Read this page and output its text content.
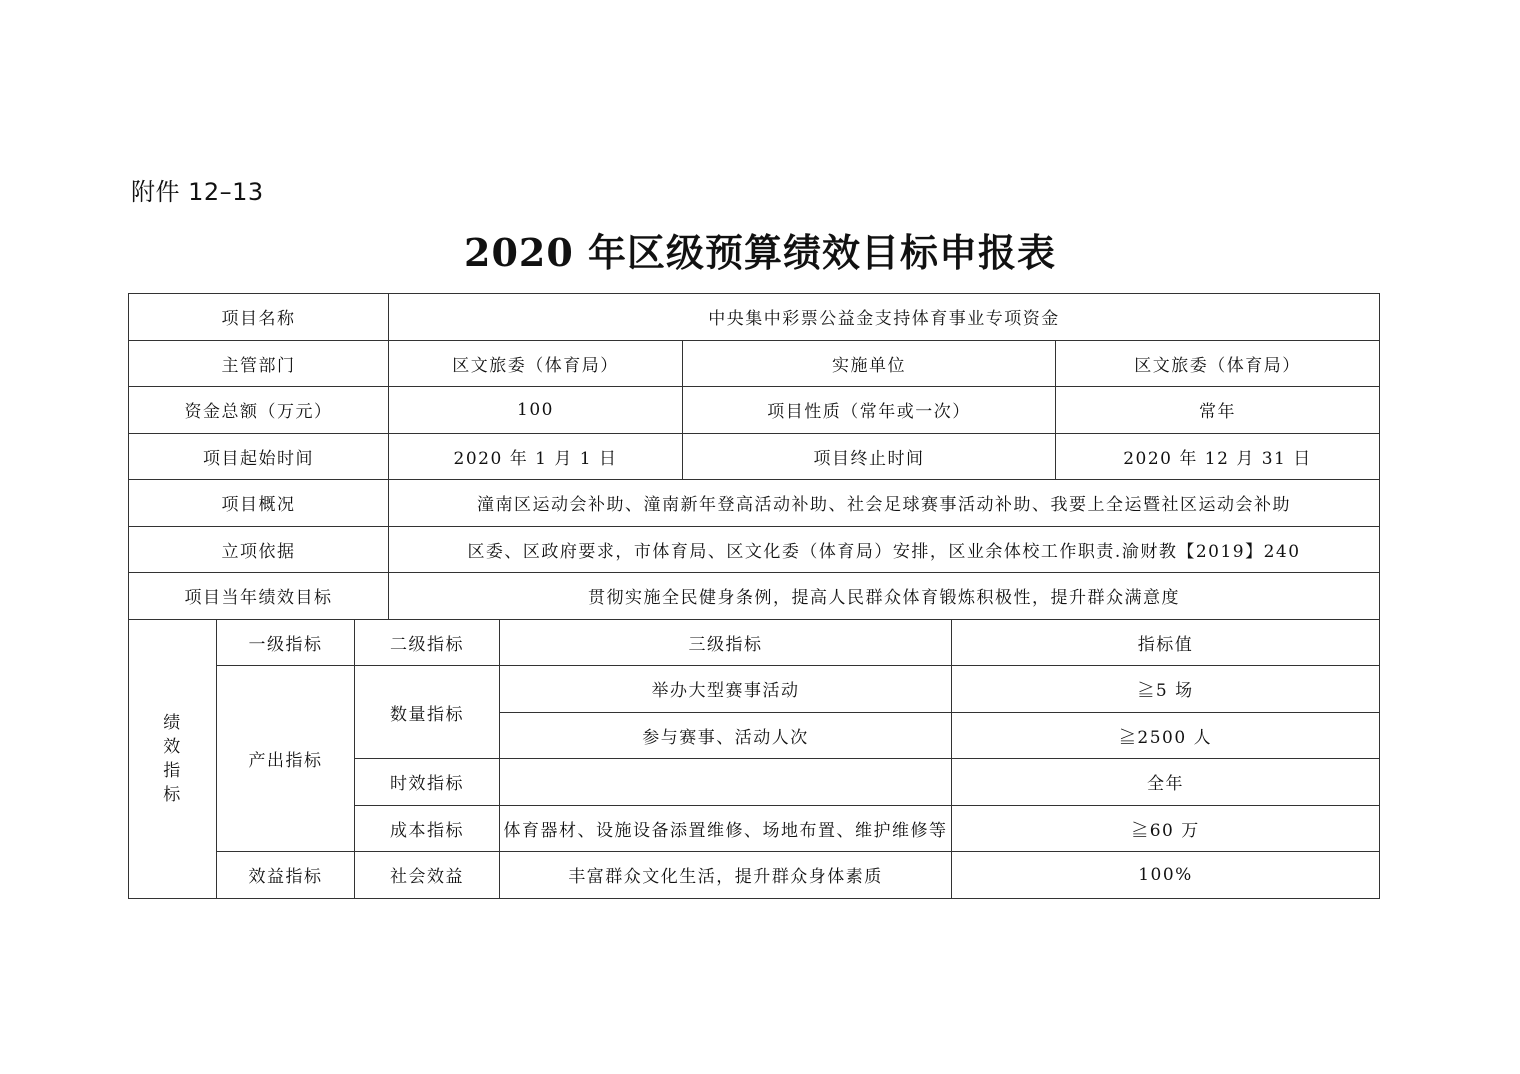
附件 12–13
2020 年区级预算绩效目标申报表
项目名称			中央集中彩票公益金支持体育事业专项资金				
主管部门			区文旅委（体育局）		实施单位		区文旅委（体育局）
资金总额（万元）			100		项目性质（常年或一次）		常年
项目起始时间			2020 年 1 月 1 日		项目终止时间		2020 年 12 月 31 日
项目概况			潼南区运动会补助、潼南新年登高活动补助、社会足球赛事活动补助、我要上全运暨社区运动会补助				
立项依据			区委、区政府要求，市体育局、区文化委（体育局）安排，区业余体校工作职责.渝财教【2019】240				
项目当年绩效目标			贯彻实施全民健身条例，提高人民群众体育锻炼积极性，提升群众满意度				

绩
效
指
标	一级指标	二级指标		三级指标		指标值	
	产出指标	数量指标		举办大型赛事活动		≧5 场	
				参与赛事、活动人次		≧2500 人	
		时效指标				全年	
		成本指标		体育器材、设施设备添置维修、场地布置、维护维修等		≧60 万	
	效益指标	社会效益		丰富群众文化生活，提升群众身体素质		100%	
